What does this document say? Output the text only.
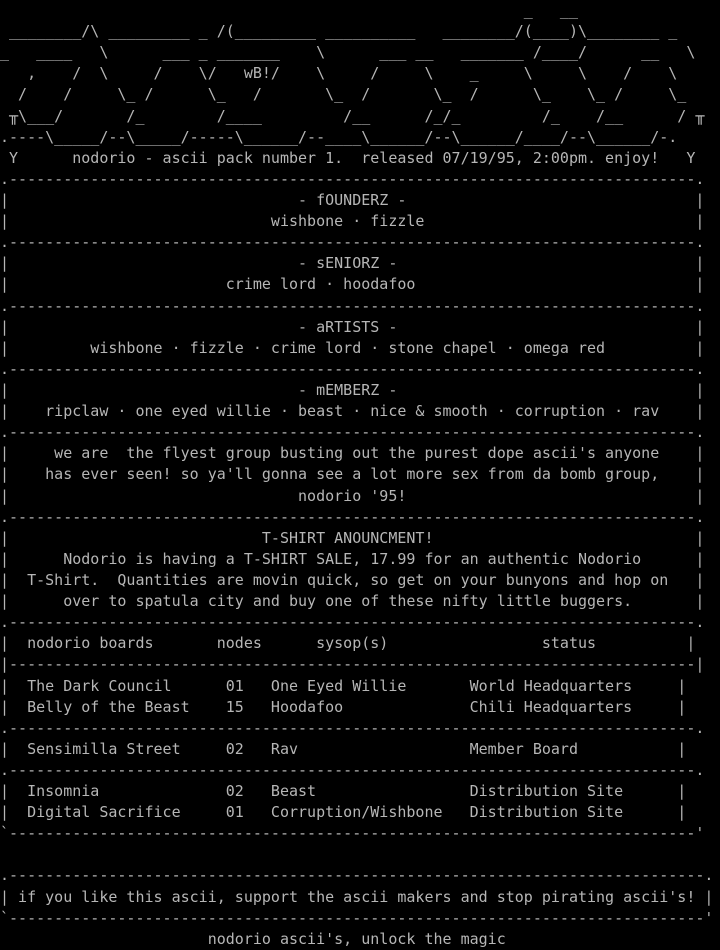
_   __
________/\ _________ _ /(_________ __________   ________/(____)\________ _
_   ____   \      ___ _ _______    \      ___ __   _______ /____/      __   \
,    /  \     /    \/   wB!/    \     /     \    _     \     \    /    \
/    /     \_ /      \_   /       \_  /       \_  /      \_    \_ /     \_
╥\___/       /_        /____         /__      /_/_         /_    /__      / ╥
.----\_____/--\_____/-----\______/--____\______/--\______/____/--\______/-.
Y      nodorio - ascii pack number 1.  released 07/19/95, 2:00pm. enjoy!   Y
.----------------------------------------------------------------------------.
|                                - fOUNDERZ -                                |
|                             wishbone · fizzle                              |
.----------------------------------------------------------------------------.
|                                - sENIORZ -                                 |
|                        crime lord · hoodafoo                               |
.----------------------------------------------------------------------------.
|                                - aRTISTS -                                 |
|         wishbone · fizzle · crime lord · stone chapel · omega red          |
.----------------------------------------------------------------------------.
|                                - mEMBERZ -                                 |
|    ripclaw · one eyed willie · beast · nice & smooth · corruption · rav    |
.----------------------------------------------------------------------------.
|     we are  the flyest group busting out the purest dope ascii's anyone    |
|    has ever seen! so ya'll gonna see a lot more sex from da bomb group,    |
|                                nodorio '95!                                |
.----------------------------------------------------------------------------.
|                            T-SHIRT ANOUNCMENT!                             |
|      Nodorio is having a T-SHIRT SALE, 17.99 for an authentic Nodorio      |
|  T-Shirt.  Quantities are movin quick, so get on your bunyons and hop on   |
|      over to spatula city and buy one of these nifty little buggers.       |
.----------------------------------------------------------------------------.
|  nodorio boards       nodes      sysop(s)                 status          |
|----------------------------------------------------------------------------|
|  The Dark Council      01   One Eyed Willie       World Headquarters     |
|  Belly of the Beast    15   Hoodafoo              Chili Headquarters     |
.----------------------------------------------------------------------------.
|  Sensimilla Street     02   Rav                   Member Board           |
.----------------------------------------------------------------------------.
|  Insomnia              02   Beast                 Distribution Site      |
|  Digital Sacrifice     01   Corruption/Wishbone   Distribution Site      |
`----------------------------------------------------------------------------'
.-----------------------------------------------------------------------------.
| if you like this ascii, support the ascii makers and stop pirating ascii's! |
`-----------------------------------------------------------------------------'
nodorio ascii's, unlock the magic
